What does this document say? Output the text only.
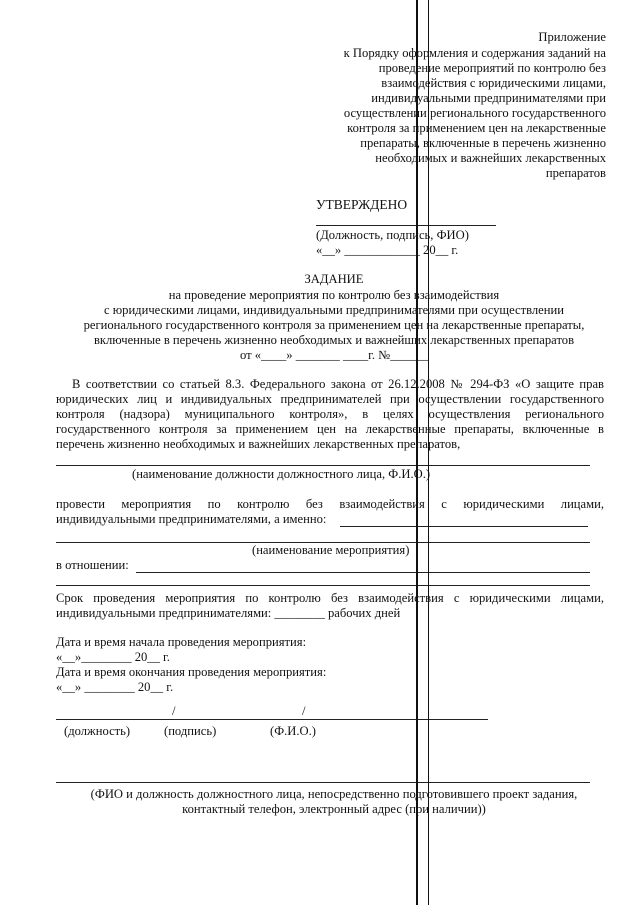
Приложение
к Порядку оформления и содержания заданий на
проведение мероприятий по контролю без
взаимодействия с юридическими лицами,
индивидуальными предпринимателями при
осуществлении регионального государственного
контроля за применением цен на лекарственные
препараты, включенные в перечень жизненно
необходимых и важнейших лекарственных
препаратов
УТВЕРЖДЕНО
(Должность, подпись, ФИО)
«__» ____________ 20__ г.
ЗАДАНИЕ
на проведение мероприятия по контролю без взаимодействия
с юридическими лицами, индивидуальными предпринимателями при осуществлении
регионального государственного контроля за применением цен на лекарственные препараты,
включенные в перечень жизненно необходимых и важнейших лекарственных препаратов
от «____» _______ ____г. №______
В соответствии со статьей 8.3. Федерального закона от 26.12.2008 № 294-ФЗ «О защите прав
юридических лиц и индивидуальных предпринимателей при осуществлении государственного
контроля (надзора) муниципального контроля», в целях осуществления регионального
государственного контроля за применением цен на лекарственные препараты, включенные в
перечень жизненно необходимых и важнейших лекарственных препаратов,
(наименование должности должностного лица, Ф.И.О.)
провести мероприятия по контролю без взаимодействия с юридическими лицами,
индивидуальными предпринимателями, а именно:
(наименование мероприятия)
в отношении:
Срок проведения мероприятия по контролю без взаимодействия с юридическими лицами,
индивидуальными предпринимателями: ________ рабочих дней
Дата и время начала проведения мероприятия:
«__»________ 20__ г.
Дата и время окончания проведения мероприятия:
«__» ________ 20__ г.
/	/
(должность)	(подпись)	(Ф.И.О.)
(ФИО и должность должностного лица, непосредственно подготовившего проект задания,
контактный телефон, электронный адрес (при наличии))
